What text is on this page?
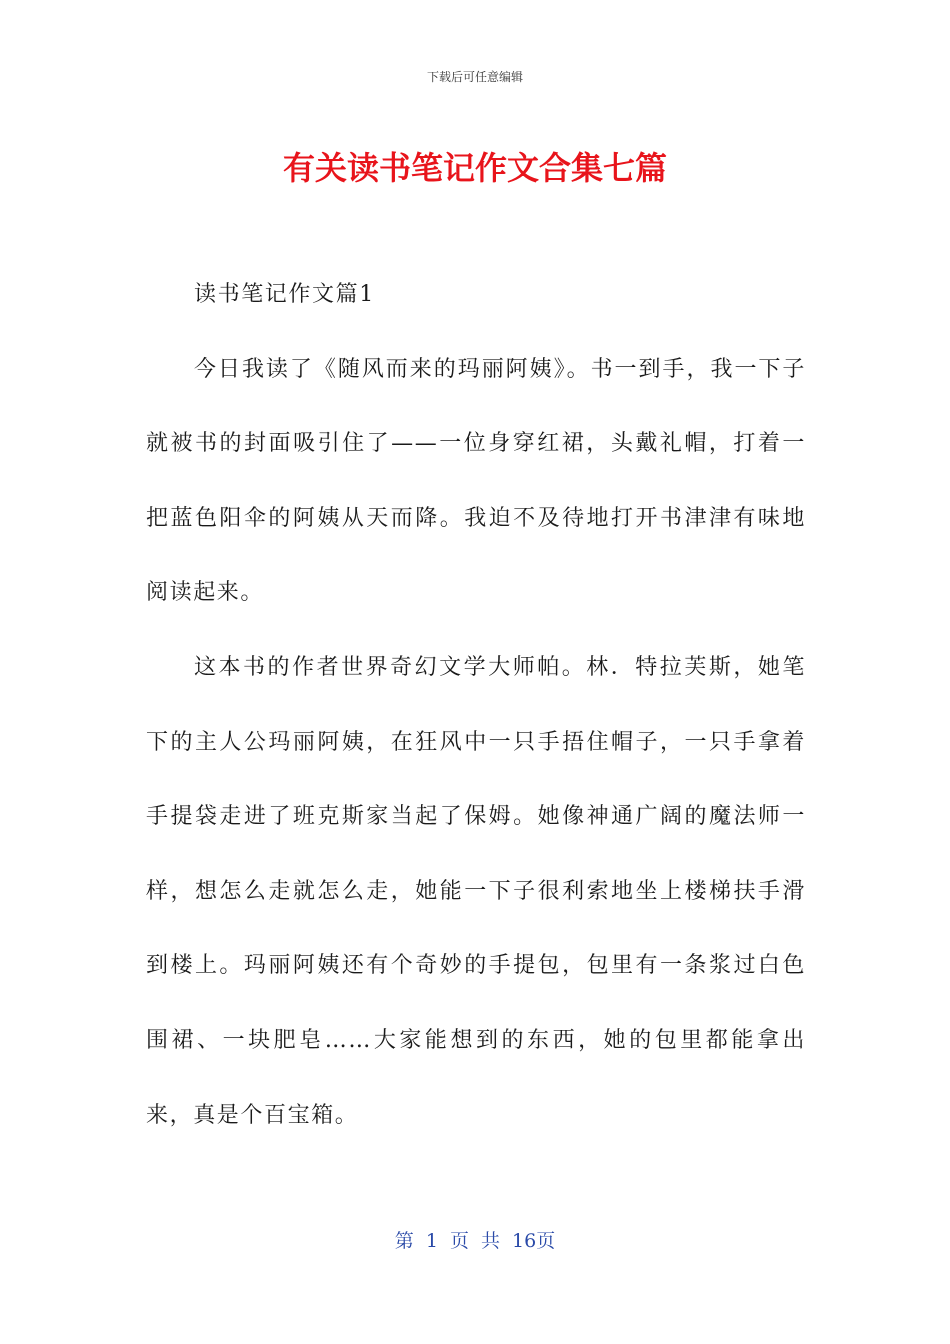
下载后可任意编辑
有关读书笔记作文合集七篇

读书笔记作文篇1

今日我读了《随风而来的玛丽阿姨》。书一到手，我一下子就被书的封面吸引住了——一位身穿红裙，头戴礼帽，打着一把蓝色阳伞的阿姨从天而降。我迫不及待地打开书津津有味地阅读起来。

这本书的作者世界奇幻文学大师帕。林．特拉芙斯，她笔下的主人公玛丽阿姨，在狂风中一只手捂住帽子，一只手拿着手提袋走进了班克斯家当起了保姆。她像神通广阔的魔法师一样，想怎么走就怎么走，她能一下子很利索地坐上楼梯扶手滑到楼上。玛丽阿姨还有个奇妙的手提包，包里有一条浆过白色围裙、一块肥皂……大家能想到的东西，她的包里都能拿出来，真是个百宝箱。

第 1 页 共 16页
